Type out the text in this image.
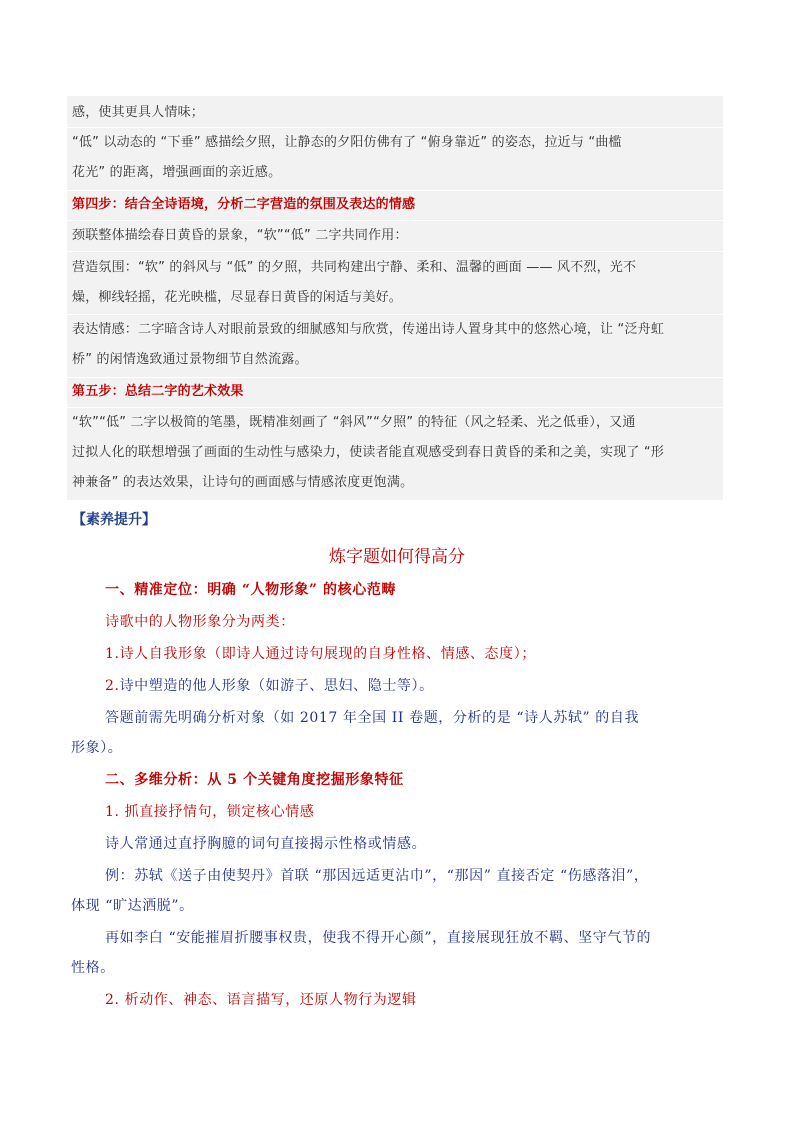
感，使其更具人情味；
“低” 以动态的 “下垂” 感描绘夕照，让静态的夕阳仿佛有了 “俯身靠近” 的姿态，拉近与 “曲槛
花光” 的距离，增强画面的亲近感。
第四步：结合全诗语境，分析二字营造的氛围及表达的情感
颈联整体描绘春日黄昏的景象，“软”“低” 二字共同作用：
营造氛围：“软” 的斜风与 “低” 的夕照，共同构建出宁静、柔和、温馨的画面 —— 风不烈，光不
燥，柳线轻摇，花光映槛，尽显春日黄昏的闲适与美好。
表达情感：二字暗含诗人对眼前景致的细腻感知与欣赏，传递出诗人置身其中的悠然心境，让 “泛舟虹
桥” 的闲情逸致通过景物细节自然流露。
第五步：总结二字的艺术效果
“软”“低” 二字以极简的笔墨，既精准刻画了 “斜风”“夕照” 的特征（风之轻柔、光之低垂），又通
过拟人化的联想增强了画面的生动性与感染力，使读者能直观感受到春日黄昏的柔和之美，实现了 “形
神兼备” 的表达效果，让诗句的画面感与情感浓度更饱满。
【素养提升】
炼字题如何得高分
一、精准定位：明确 “人物形象” 的核心范畴
诗歌中的人物形象分为两类：
1.诗人自我形象（即诗人通过诗句展现的自身性格、情感、态度）；
2.诗中塑造的他人形象（如游子、思妇、隐士等）。
答题前需先明确分析对象（如 2017 年全国 II 卷题，分析的是 “诗人苏轼” 的自我
形象）。
二、多维分析：从 5 个关键角度挖掘形象特征
1. 抓直接抒情句，锁定核心情感
诗人常通过直抒胸臆的词句直接揭示性格或情感。
例：苏轼《送子由使契丹》首联 “那因远适更沾巾”，“那因” 直接否定 “伤感落泪”，
体现 “旷达洒脱”。
再如李白 “安能摧眉折腰事权贵，使我不得开心颜”，直接展现狂放不羁、坚守气节的
性格。
2. 析动作、神态、语言描写，还原人物行为逻辑
